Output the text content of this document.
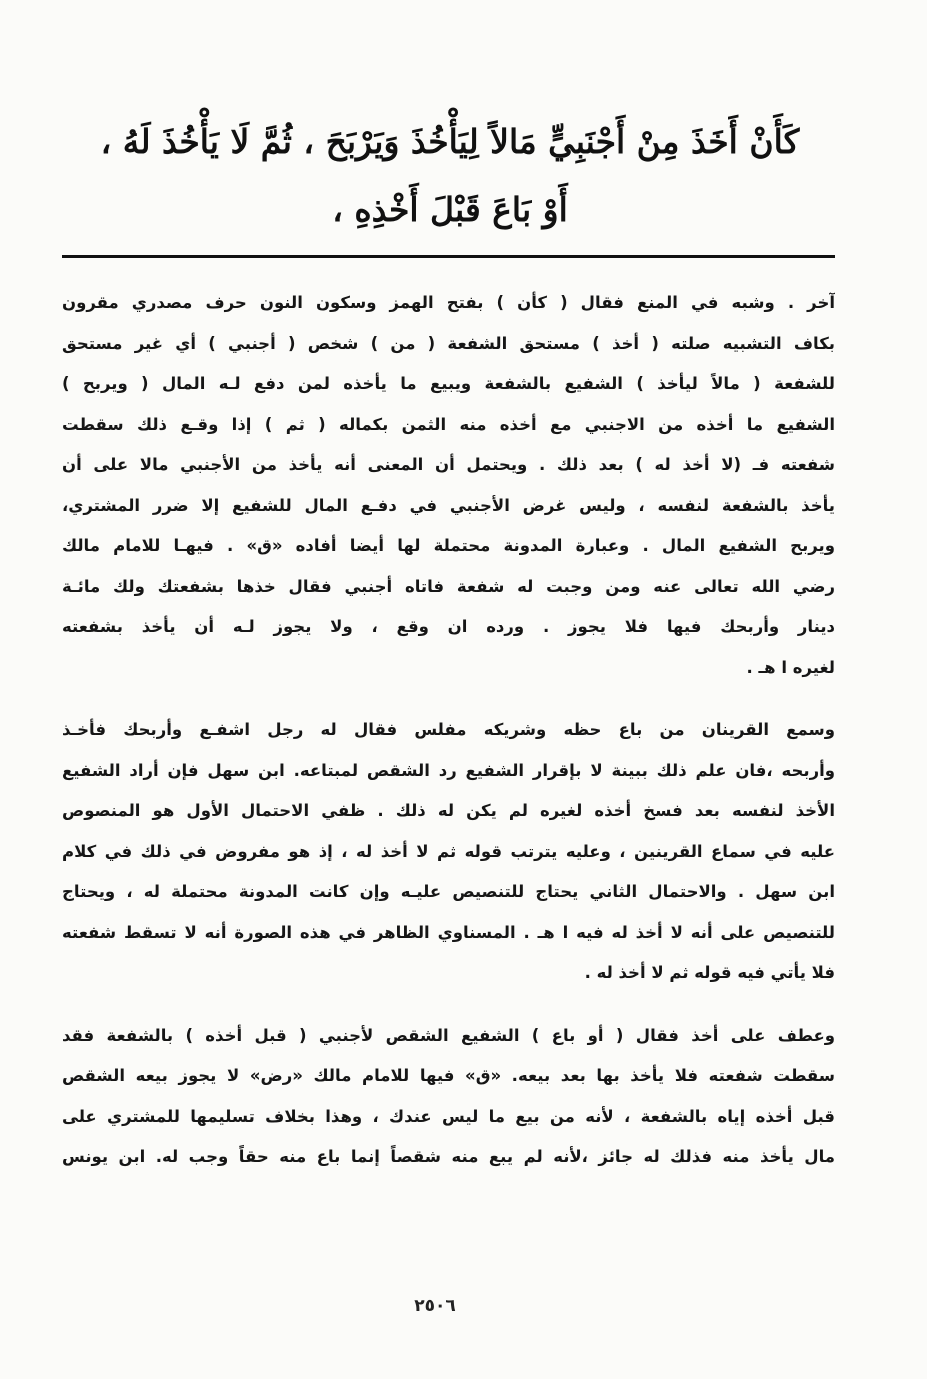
كَأَنْ أَخَذَ مِنْ أَجْنَبِيٍّ مَالاً لِيَأْخُذَ وَيَرْبَحَ ، ثُمَّ لَا يَأْخُذَ لَهُ ،
أَوْ بَاعَ قَبْلَ أَخْذِهِ ،
آخر . وشبه في المنع فقال ( كأن ) بفتح الهمز وسكون النون حرف مصدري مقرون
بكاف التشبيه صلته ( أخذ ) مستحق الشفعة ( من ) شخص ( أجنبي ) أي غير مستحق
للشفعة ( مالاً ليأخذ ) الشفيع بالشفعة ويبيع ما يأخذه لمن دفع لـه المال ( ويربح )
الشفيع ما أخذه من الاجنبي مع أخذه منه الثمن بكماله ( ثم ) إذا وقـع ذلك سقطت
شفعته فـ (لا أخذ له ) بعد ذلك . ويحتمل أن المعنى أنه يأخذ من الأجنبي مالا على أن
يأخذ بالشفعة لنفسه ، وليس غرض الأجنبي في دفـع المال للشفيع إلا ضرر المشتري،
ويربح الشفيع المال . وعبارة المدونة محتملة لها أيضا أفاده «ق» . فيهـا للامام مالك
رضي الله تعالى عنه ومن وجبت له شفعة فاتاه أجنبي فقال خذها بشفعتك ولك مائـة
دينار وأربحك فيها فلا يجوز . ورده ان وقع ، ولا يجوز لـه أن يأخذ بشفعته
لغيره ا هـ .
وسمع القرينان من باع حظه وشريكه مفلس فقال له رجل اشفـع وأربحك فأخـذ
وأربحه ،فان علم ذلك ببينة لا بإقرار الشفيع رد الشقص لمبتاعه. ابن سهل فإن أراد الشفيع
الأخذ لنفسه بعد فسخ أخذه لغيره لم يكن له ذلك . ظفي الاحتمال الأول هو المنصوص
عليه في سماع القرينين ، وعليه يترتب قوله ثم لا أخذ له ، إذ هو مفروض في ذلك في كلام
ابن سهل . والاحتمال الثاني يحتاج للتنصيص عليـه وإن كانت المدونة محتملة له ، ويحتاج
للتنصيص على أنه لا أخذ له فيه ا هـ . المسناوي الظاهر في هذه الصورة أنه لا تسقط شفعته
فلا يأتي فيه قوله ثم لا أخذ له .
وعطف على أخذ فقال ( أو باع ) الشفيع الشقص لأجنبي ( قبل أخذه ) بالشفعة فقد
سقطت شفعته فلا يأخذ بها بعد بيعه. «ق» فيها للامام مالك «رض» لا يجوز بيعه الشقص
قبل أخذه إياه بالشفعة ، لأنه من بيع ما ليس عندك ، وهذا بخلاف تسليمها للمشتري على
مال يأخذ منه فذلك له جائز ،لأنه لم يبع منه شقصاً إنما باع منه حقاً وجب له. ابن يونس
٢٥٠٦
